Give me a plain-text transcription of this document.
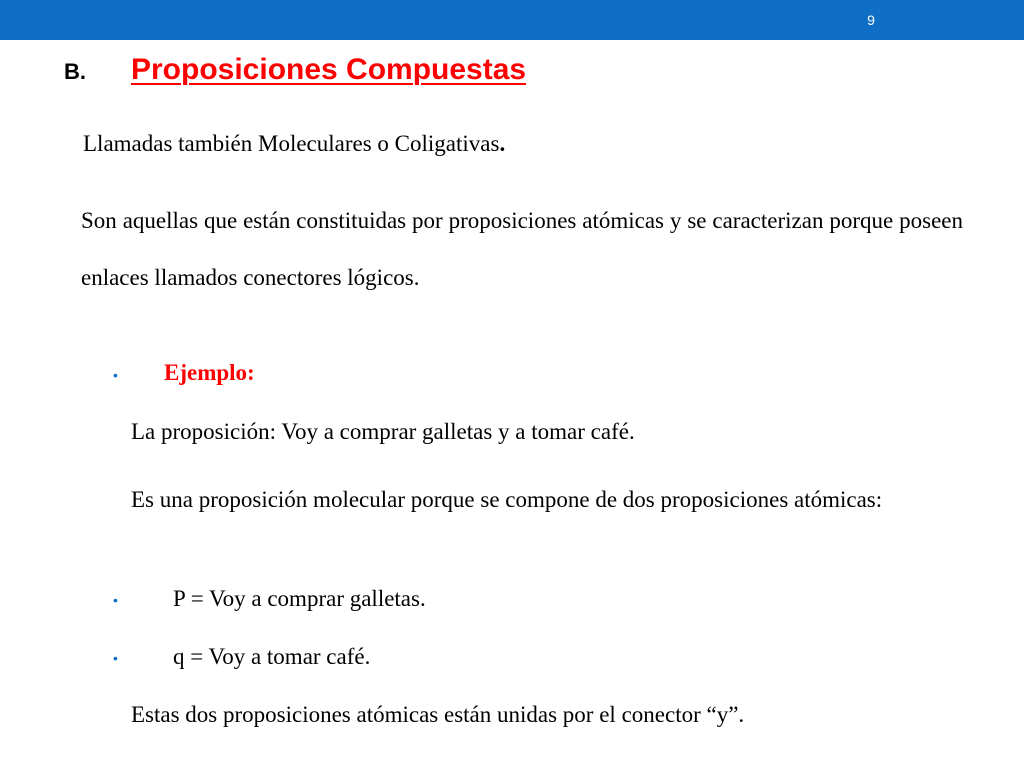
9
B. Proposiciones Compuestas
Llamadas también Moleculares o Coligativas.
Son aquellas que están constituidas por proposiciones atómicas y se caracterizan porque poseen enlaces llamados conectores lógicos.
• Ejemplo:
La proposición: Voy a comprar galletas y a tomar café.
Es una proposición molecular porque se compone de dos proposiciones atómicas:
• P = Voy a comprar galletas.
• q = Voy a tomar café.
Estas dos proposiciones atómicas están unidas por el conector “y”.
